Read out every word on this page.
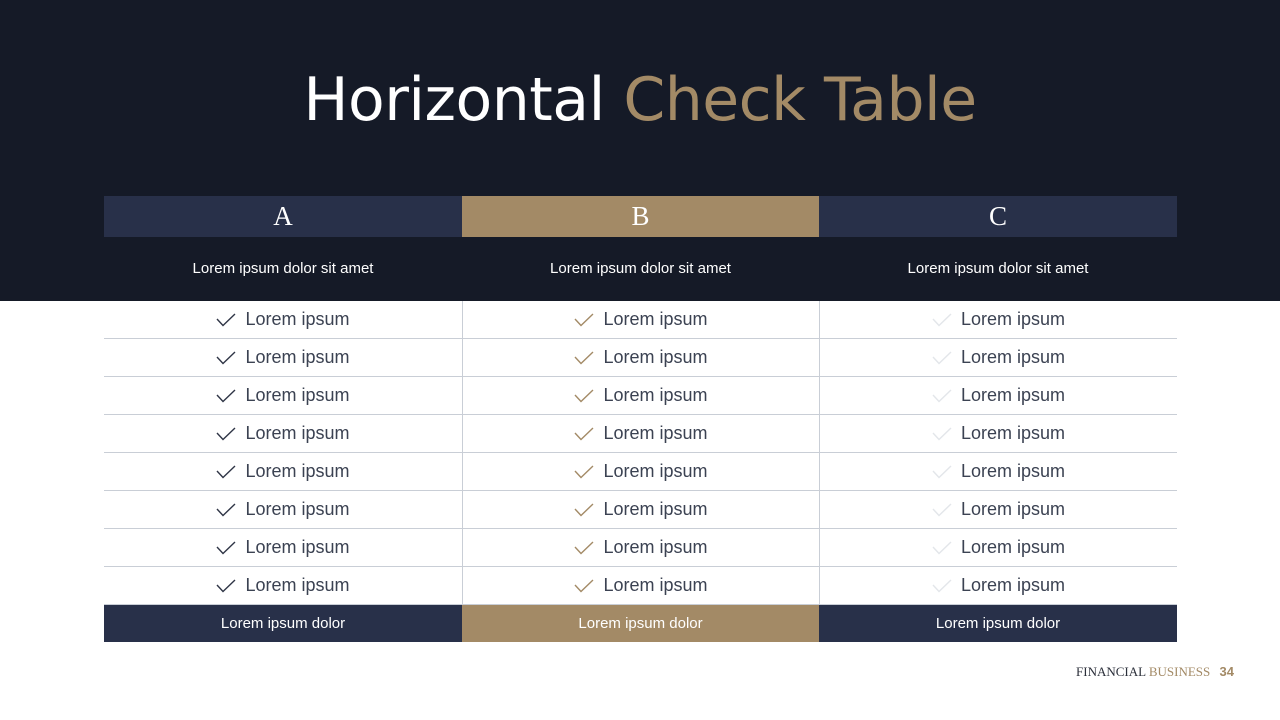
Horizontal Check Table
A
Lorem ipsum dolor sit amet
Lorem ipsum
Lorem ipsum
Lorem ipsum
Lorem ipsum
Lorem ipsum
Lorem ipsum
Lorem ipsum
Lorem ipsum
Lorem ipsum dolor
B
Lorem ipsum dolor sit amet
Lorem ipsum
Lorem ipsum
Lorem ipsum
Lorem ipsum
Lorem ipsum
Lorem ipsum
Lorem ipsum
Lorem ipsum
Lorem ipsum dolor
C
Lorem ipsum dolor sit amet
Lorem ipsum
Lorem ipsum
Lorem ipsum
Lorem ipsum
Lorem ipsum
Lorem ipsum
Lorem ipsum
Lorem ipsum
Lorem ipsum dolor
FINANCIAL BUSINESS 34
